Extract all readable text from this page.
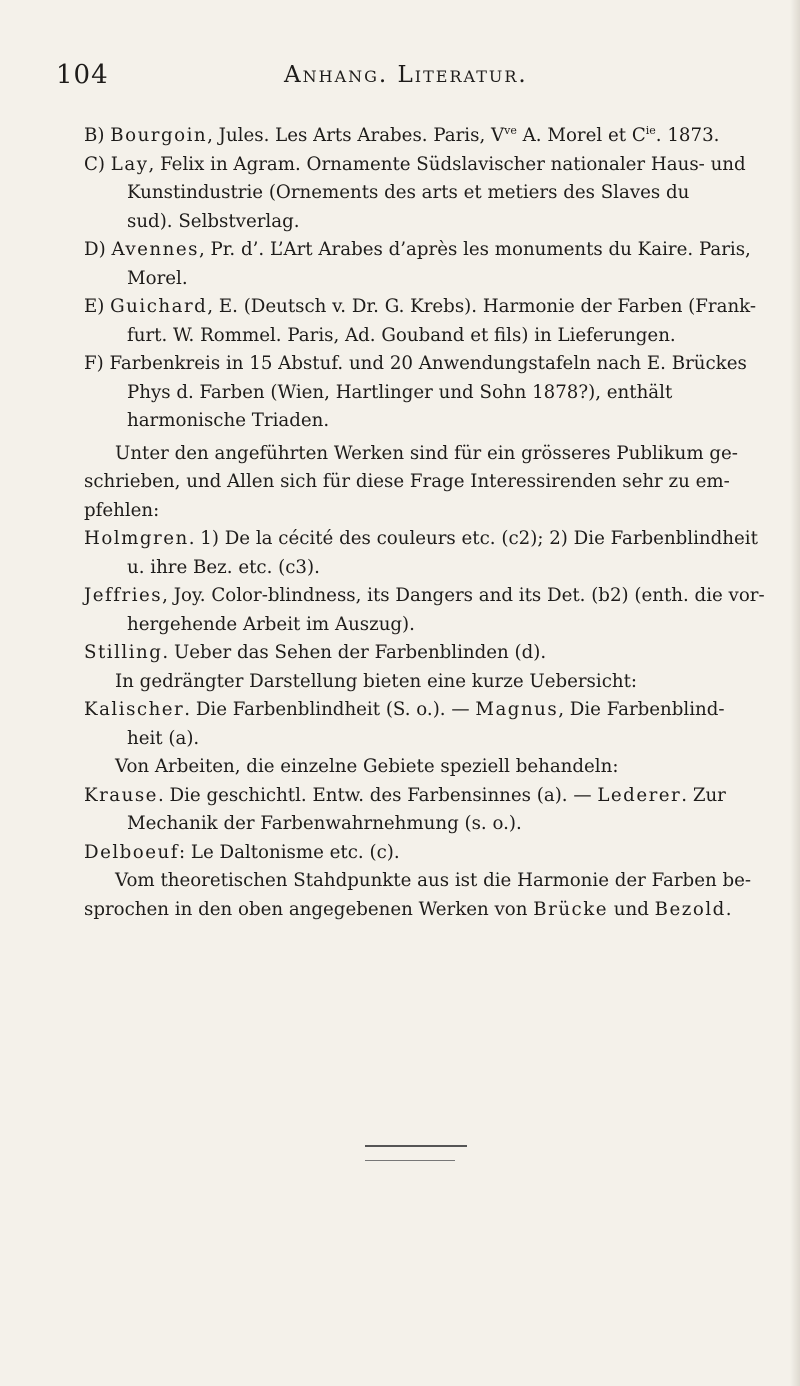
104	Anhang. Literatur.
B) Bourgoin, Jules. Les Arts Arabes. Paris, $V^{ve}$ A. Morel et $C^{ie}$. 1873.
C) Lay, Felix in Agram. Ornamente Südslavischer nationaler Haus- und
Kunstindustrie (Ornements des arts et metiers des Slaves du
sud). Selbstverlag.
D) Avennes, Pr. d’. L’Art Arabes d’après les monuments du Kaire. Paris,
Morel.
E) Guichard, E. (Deutsch v. Dr. G. Krebs). Harmonie der Farben (Frank-
furt. W. Rommel. Paris, Ad. Gouband et fils) in Lieferungen.
F) Farbenkreis in 15 Abstuf. und 20 Anwendungstafeln nach E. Brückes
Phys d. Farben (Wien, Hartlinger und Sohn 1878?), enthält
harmonische Triaden.
Unter den angeführten Werken sind für ein grösseres Publikum ge-
schrieben, und Allen sich für diese Frage Interessirenden sehr zu em-
pfehlen:
Holmgren. 1) De la cécité des couleurs etc. (c2); 2) Die Farbenblindheit
u. ihre Bez. etc. (c3).
Jeffries, Joy. Color-blindness, its Dangers and its Det. (b2) (enth. die vor-
hergehende Arbeit im Auszug).
Stilling. Ueber das Sehen der Farbenblinden (d).
In gedrängter Darstellung bieten eine kurze Uebersicht:
Kalischer. Die Farbenblindheit (S. o.). — Magnus, Die Farbenblind-
heit (a).
Von Arbeiten, die einzelne Gebiete speziell behandeln:
Krause. Die geschichtl. Entw. des Farbensinnes (a). — Lederer. Zur
Mechanik der Farbenwahrnehmung (s. o.).
Delboeuf: Le Daltonisme etc. (c).
Vom theoretischen Stahdpunkte aus ist die Harmonie der Farben be-
sprochen in den oben angegebenen Werken von Brücke und Bezold.
